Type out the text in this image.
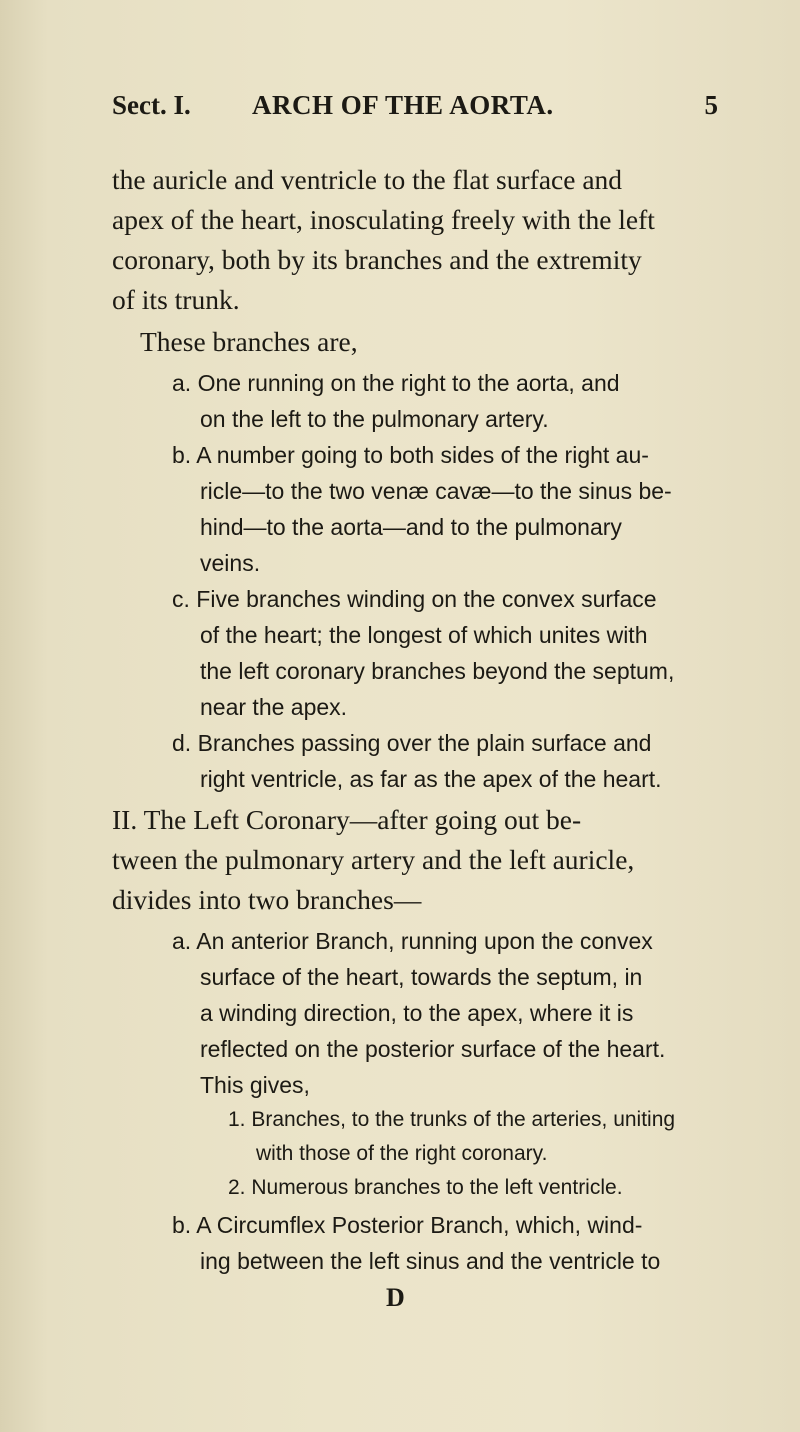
Sect. I. ARCH OF THE AORTA.	5
the auricle and ventricle to the flat surface and
apex of the heart, inosculating freely with the left
coronary, both by its branches and the extremity
of its trunk.
These branches are,
a. One running on the right to the aorta, and
on the left to the pulmonary artery.
b. A number going to both sides of the right au-
ricle—to the two venæ cavæ—to the sinus be-
hind—to the aorta—and to the pulmonary
veins.
c. Five branches winding on the convex surface
of the heart; the longest of which unites with
the left coronary branches beyond the septum,
near the apex.
d. Branches passing over the plain surface and
right ventricle, as far as the apex of the heart.
II. The Left Coronary—after going out be-
tween the pulmonary artery and the left auricle,
divides into two branches—
a. An anterior Branch, running upon the convex
surface of the heart, towards the septum, in
a winding direction, to the apex, where it is
reflected on the posterior surface of the heart.
This gives,
1. Branches, to the trunks of the arteries, uniting
with those of the right coronary.
2. Numerous branches to the left ventricle.
b. A Circumflex Posterior Branch, which, wind-
ing between the left sinus and the ventricle to
D
